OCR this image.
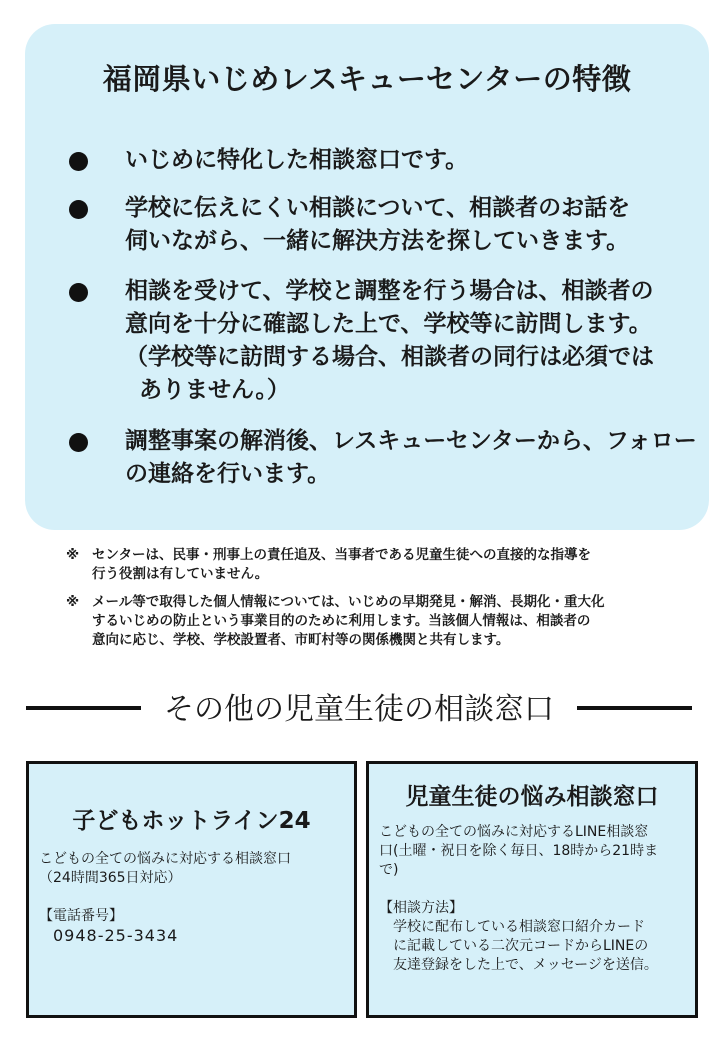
福岡県いじめレスキューセンターの特徴
いじめに特化した相談窓口です。
学校に伝えにくい相談について、相談者のお話を
伺いながら、一緒に解決方法を探していきます。
相談を受けて、学校と調整を行う場合は、相談者の
意向を十分に確認した上で、学校等に訪問します。
（学校等に訪問する場合、相談者の同行は必須では
ありません。）
調整事案の解消後、レスキューセンターから、フォロー
の連絡を行います。
※ センターは、民事・刑事上の責任追及、当事者である児童生徒への直接的な指導を
行う役割は有していません。
※ メール等で取得した個人情報については、いじめの早期発見・解消、長期化・重大化
するいじめの防止という事業目的のために利用します。当該個人情報は、相談者の
意向に応じ、学校、学校設置者、市町村等の関係機関と共有します。
その他の児童生徒の相談窓口
子どもホットライン24
こどもの全ての悩みに対応する相談窓口
（24時間365日対応）
【電話番号】
0948-25-3434
児童生徒の悩み相談窓口
こどもの全ての悩みに対応するLINE相談窓
口(土曜・祝日を除く毎日、18時から21時ま
で)
【相談方法】
学校に配布している相談窓口紹介カード
に記載している二次元コードからLINEの
友達登録をした上で、メッセージを送信。
